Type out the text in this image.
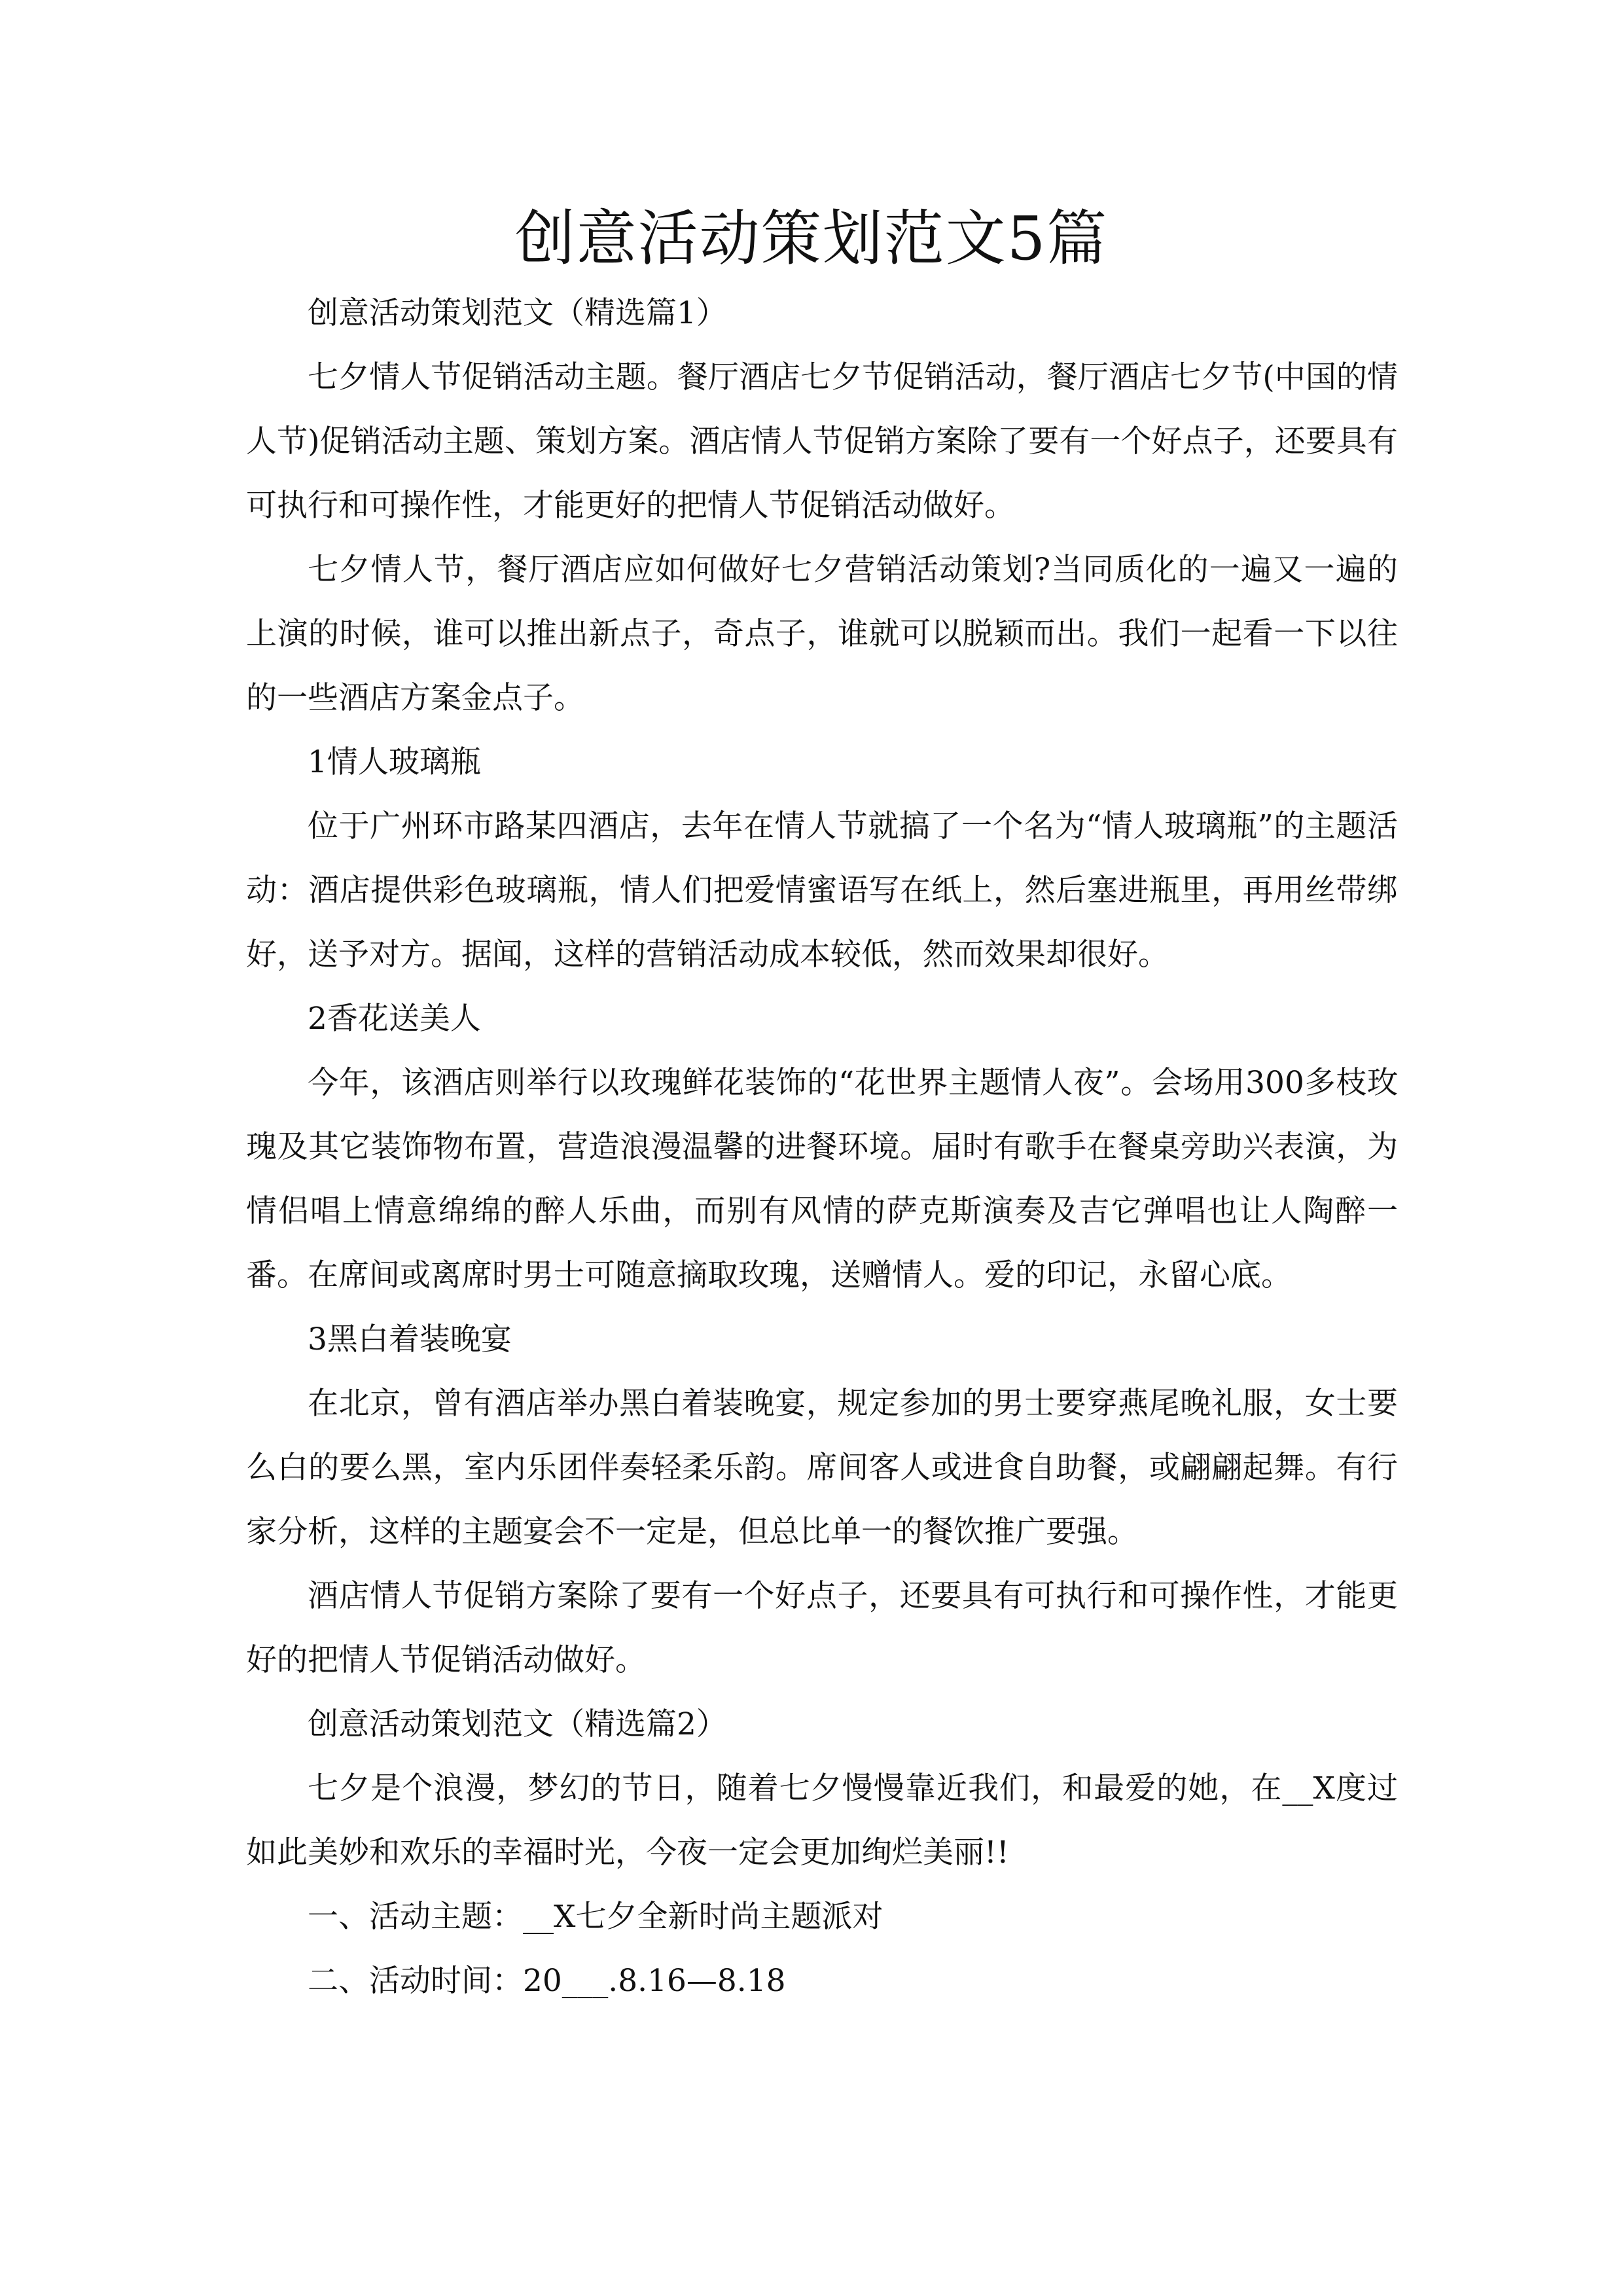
创意活动策划范文5篇

创意活动策划范文（精选篇1）

七夕情人节促销活动主题。餐厅酒店七夕节促销活动，餐厅酒店七夕节(中国的情人节)促销活动主题、策划方案。酒店情人节促销方案除了要有一个好点子，还要具有可执行和可操作性，才能更好的把情人节促销活动做好。

七夕情人节，餐厅酒店应如何做好七夕营销活动策划?当同质化的一遍又一遍的上演的时候，谁可以推出新点子，奇点子，谁就可以脱颖而出。我们一起看一下以往的一些酒店方案金点子。

1情人玻璃瓶

位于广州环市路某四酒店，去年在情人节就搞了一个名为“情人玻璃瓶”的主题活动：酒店提供彩色玻璃瓶，情人们把爱情蜜语写在纸上，然后塞进瓶里，再用丝带绑好，送予对方。据闻，这样的营销活动成本较低，然而效果却很好。

2香花送美人

今年，该酒店则举行以玫瑰鲜花装饰的“花世界主题情人夜”。会场用300多枝玫瑰及其它装饰物布置，营造浪漫温馨的进餐环境。届时有歌手在餐桌旁助兴表演，为情侣唱上情意绵绵的醉人乐曲，而别有风情的萨克斯演奏及吉它弹唱也让人陶醉一番。在席间或离席时男士可随意摘取玫瑰，送赠情人。爱的印记，永留心底。

3黑白着装晚宴

在北京，曾有酒店举办黑白着装晚宴，规定参加的男士要穿燕尾晚礼服，女士要么白的要么黑，室内乐团伴奏轻柔乐韵。席间客人或进食自助餐，或翩翩起舞。有行家分析，这样的主题宴会不一定是，但总比单一的餐饮推广要强。

酒店情人节促销方案除了要有一个好点子，还要具有可执行和可操作性，才能更好的把情人节促销活动做好。

创意活动策划范文（精选篇2）

七夕是个浪漫，梦幻的节日，随着七夕慢慢靠近我们，和最爱的她，在__X度过如此美妙和欢乐的幸福时光，今夜一定会更加绚烂美丽!!

一、活动主题：__X七夕全新时尚主题派对

二、活动时间：20___.8.16—8.18
